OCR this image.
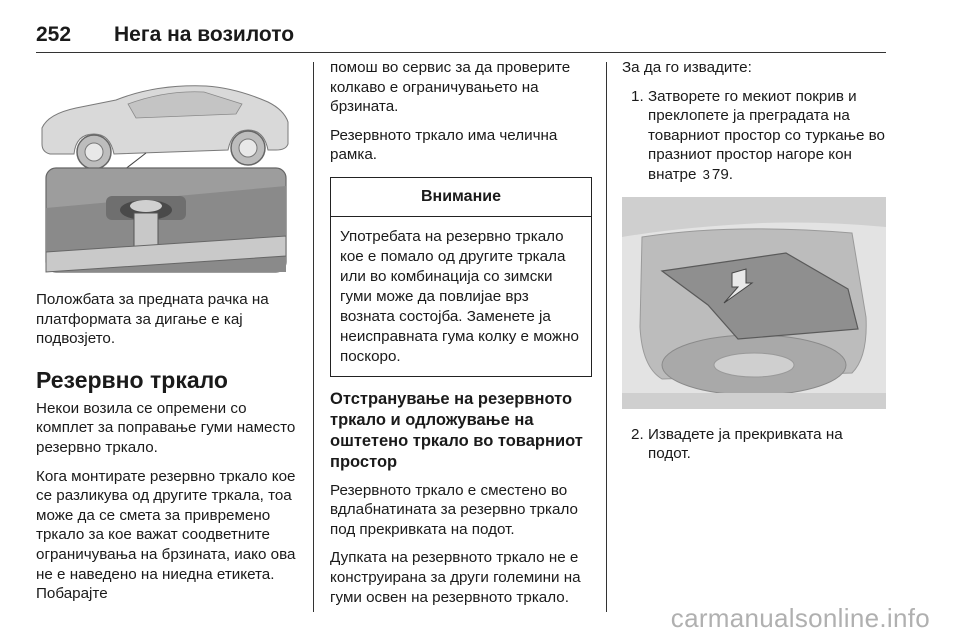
252 Нега на возилото

Положбата за предната рачка на платформата за дигање е кај подвозјето.

Резервно тркало

Некои возила се опремени со комплет за поправање гуми наместо резервно тркало.

Кога монтирате резервно тркало кое се разликува од другите тркала, тоа може да се смета за привремено тркало за кое важат соодветните ограничувања на брзината, иако ова не е наведено на ниедна етикета. Побарајте

помош во сервис за да проверите колкаво е ограничувањето на брзината.

Резервното тркало има челична рамка.

Внимание
Употребата на резервно тркало кое е помало од другите тркала или во комбинација со зимски гуми може да повлијае врз возната состојба. Заменете ја неисправната гума колку е можно поскоро.
Отстранување на резервното тркало и одложување на оштетено тркало во товарниот простор

Резервното тркало е сместено во вдлабнатината за резервно тркало под прекривката на подот.

Дупката на резервното тркало не е конструирана за други големини на гуми освен на резервното тркало.

За да го извадите:

1. Затворете го мекиот покрив и преклопете ја преградата на товарниот простор со туркање во празниот простор нагоре кон внатре 3 79.
2. Извадете ја прекривката на подот.
carmanualsonline.info
